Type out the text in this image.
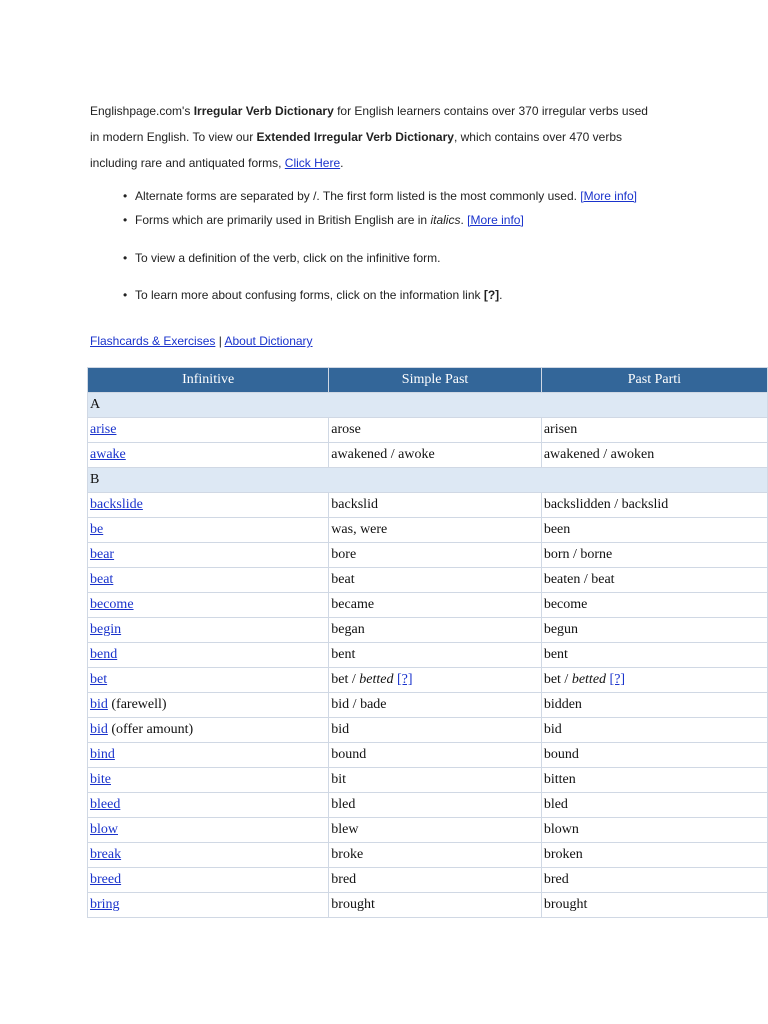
Englishpage.com's Irregular Verb Dictionary for English learners contains over 370 irregular verbs used
in modern English. To view our Extended Irregular Verb Dictionary, which contains over 470 verbs
including rare and antiquated forms, Click Here.
• Alternate forms are separated by /. The first form listed is the most commonly used. [More info]
• Forms which are primarily used in British English are in italics. [More info]
• To view a definition of the verb, click on the infinitive form.
• To learn more about confusing forms, click on the information link [?].
Flashcards & Exercises | About Dictionary
Infinitive	Simple Past	Past Parti
A		
arise	arose	arisen
awake	awakened / awoke	awakened / awoken
B		
backslide	backslid	backslidden / backslid
be	was, were	been
bear	bore	born / borne
beat	beat	beaten / beat
become	became	become
begin	began	begun
bend	bent	bent
bet	bet / betted [?]	bet / betted [?]
bid (farewell)	bid / bade	bidden
bid (offer amount)	bid	bid
bind	bound	bound
bite	bit	bitten
bleed	bled	bled
blow	blew	blown
break	broke	broken
breed	bred	bred
bring	brought	brought
